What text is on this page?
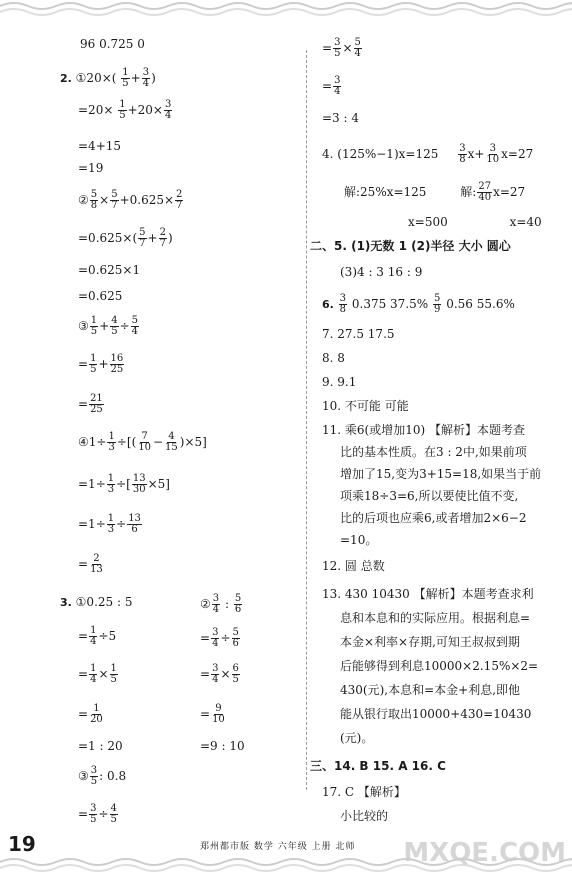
96 0.725 0
2. ①20×( $\frac{1}{5} + \frac{3}{4}$ )
$=20\times \frac{1}{5} +20\times \frac{3}{4}$
=4+15
=19
② $\frac{5}{8} \times \frac{5}{7} +0.625\times \frac{2}{7}$
$=0.625\times( \frac{5}{7} + \frac{2}{7}$ )
=0.625×1
=0.625
③ $\frac{1}{5} + \frac{4}{5} \div \frac{5}{4}$
= $\frac{1}{5} + \frac{16}{25}$
= $\frac{21}{25}$
④1÷ $\frac{1}{3}$ ÷[( $\frac{7}{10} - \frac{4}{15} )\times 5$]
$=1\div \frac{1}{3}$ ÷[ $\frac{13}{30} \times 5$]
$=1\div \frac{1}{3} \div \frac{13}{6}$
= $\frac{2}{13}$
3. ①0.25 : 5
= $\frac{1}{4} \div 5$
= $\frac{1}{4} \times \frac{1}{5}$
= $\frac{1}{20}$
=1 : 20
③ $\frac{3}{5}$ : 0.8
= $\frac{3}{5} \div \frac{4}{5}$
② $\frac{3}{4}$ : $\frac{5}{6}$
= $\frac{3}{4} \div \frac{5}{6}$
= $\frac{3}{4} \times \frac{6}{5}$
= $\frac{9}{10}$
=9 : 10
= $\frac{3}{5} \times \frac{5}{4}$
= $\frac{3}{4}$
=3 : 4
4. $(125\%-1)x=125 \frac{3}{8} x+ \frac{3}{10} x=27$
解:25%x=125	解: $\frac{27}{40} x=27$
x=500	x=40
二、5. (1)无数 1 (2)半径 大小 圆心
(3)4 : 3 16 : 9
6. $\frac{3}{8} 0.375$ $37.5\% \frac{5}{9} 0.56$ 55.6%
7. 27.5 17.5
8. 8
9. 9.1
10. 不可能 可能
11. 乘6(或增加10) 【解析】本题考查
比的基本性质。在3 : 2中,如果前项
增加了15,变为3+15=18,如果当于前
项乘18÷3=6,所以要使比值不变,
比的后项也应乘6,或者增加2×6−2
=10。
12. 圆 总数
13. 430 10430 【解析】本题考查求利
息和本息和的实际应用。根据利息=
本金×利率×存期,可知王叔叔到期
后能够得到利息10000×2.15%×2=
430(元),本息和=本金+利息,即他
能从银行取出10000+430=10430
(元)。
三、14. B 15. A 16. C
17. C 【解析】
小比较的
19	郑州都市版 数学 六年级 上册 北师 MXQE.COM
